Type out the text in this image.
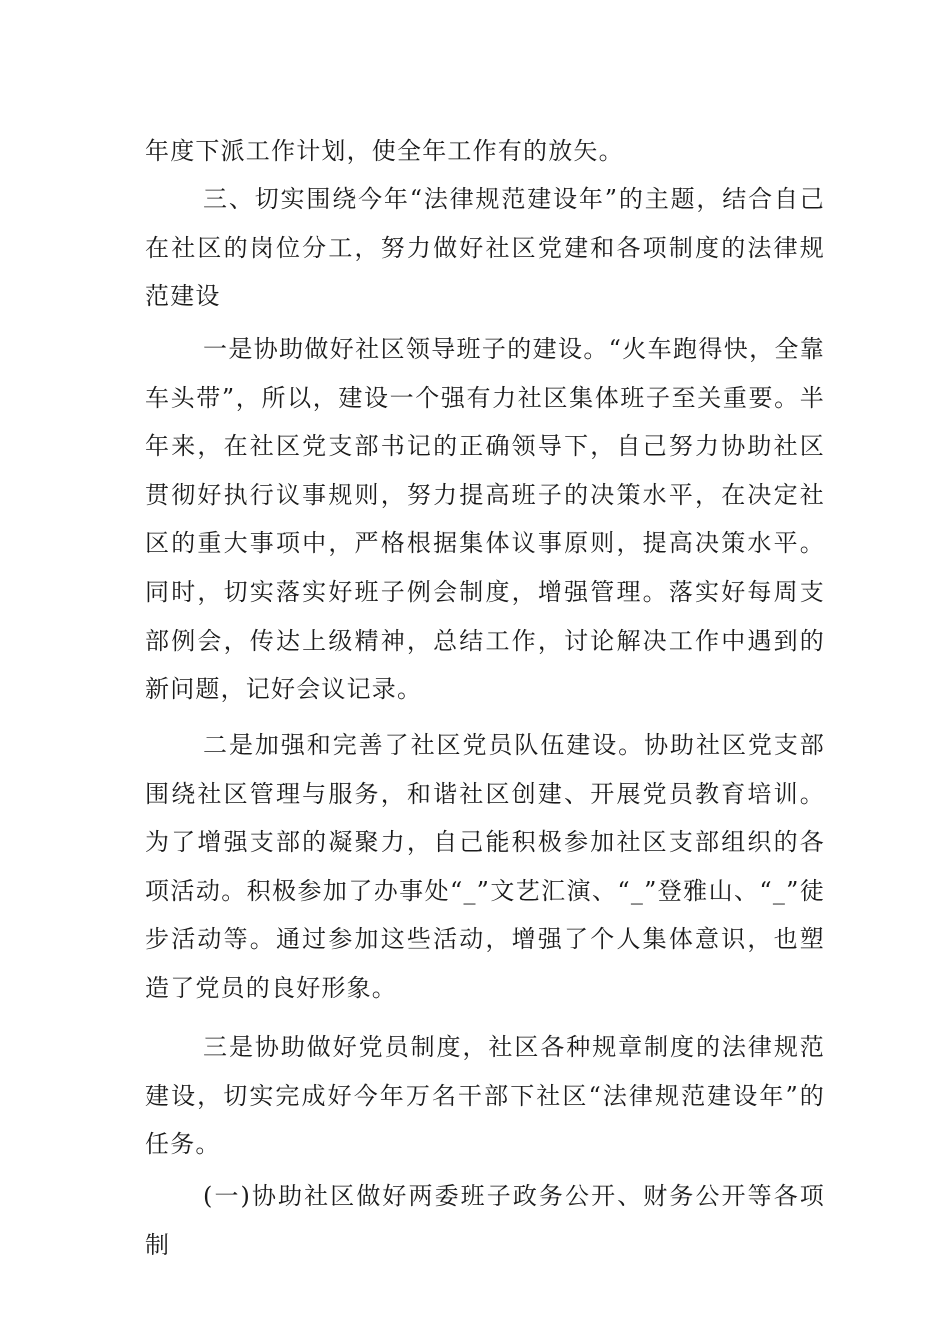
年度下派工作计划，使全年工作有的放矢。

三、切实围绕今年“法律规范建设年”的主题，结合自己在社区的岗位分工，努力做好社区党建和各项制度的法律规范建设

一是协助做好社区领导班子的建设。“火车跑得快，全靠车头带”，所以，建设一个强有力社区集体班子至关重要。半年来，在社区党支部书记的正确领导下，自己努力协助社区贯彻好执行议事规则，努力提高班子的决策水平，在决定社区的重大事项中，严格根据集体议事原则，提高决策水平。同时，切实落实好班子例会制度，增强管理。落实好每周支部例会，传达上级精神，总结工作，讨论解决工作中遇到的新问题，记好会议记录。

二是加强和完善了社区党员队伍建设。协助社区党支部围绕社区管理与服务，和谐社区创建、开展党员教育培训。为了增强支部的凝聚力，自己能积极参加社区支部组织的各项活动。积极参加了办事处“_”文艺汇演、“_”登雅山、“_”徒步活动等。通过参加这些活动，增强了个人集体意识，也塑造了党员的良好形象。

三是协助做好党员制度，社区各种规章制度的法律规范建设，切实完成好今年万名干部下社区“法律规范建设年”的任务。

(一)协助社区做好两委班子政务公开、财务公开等各项制
